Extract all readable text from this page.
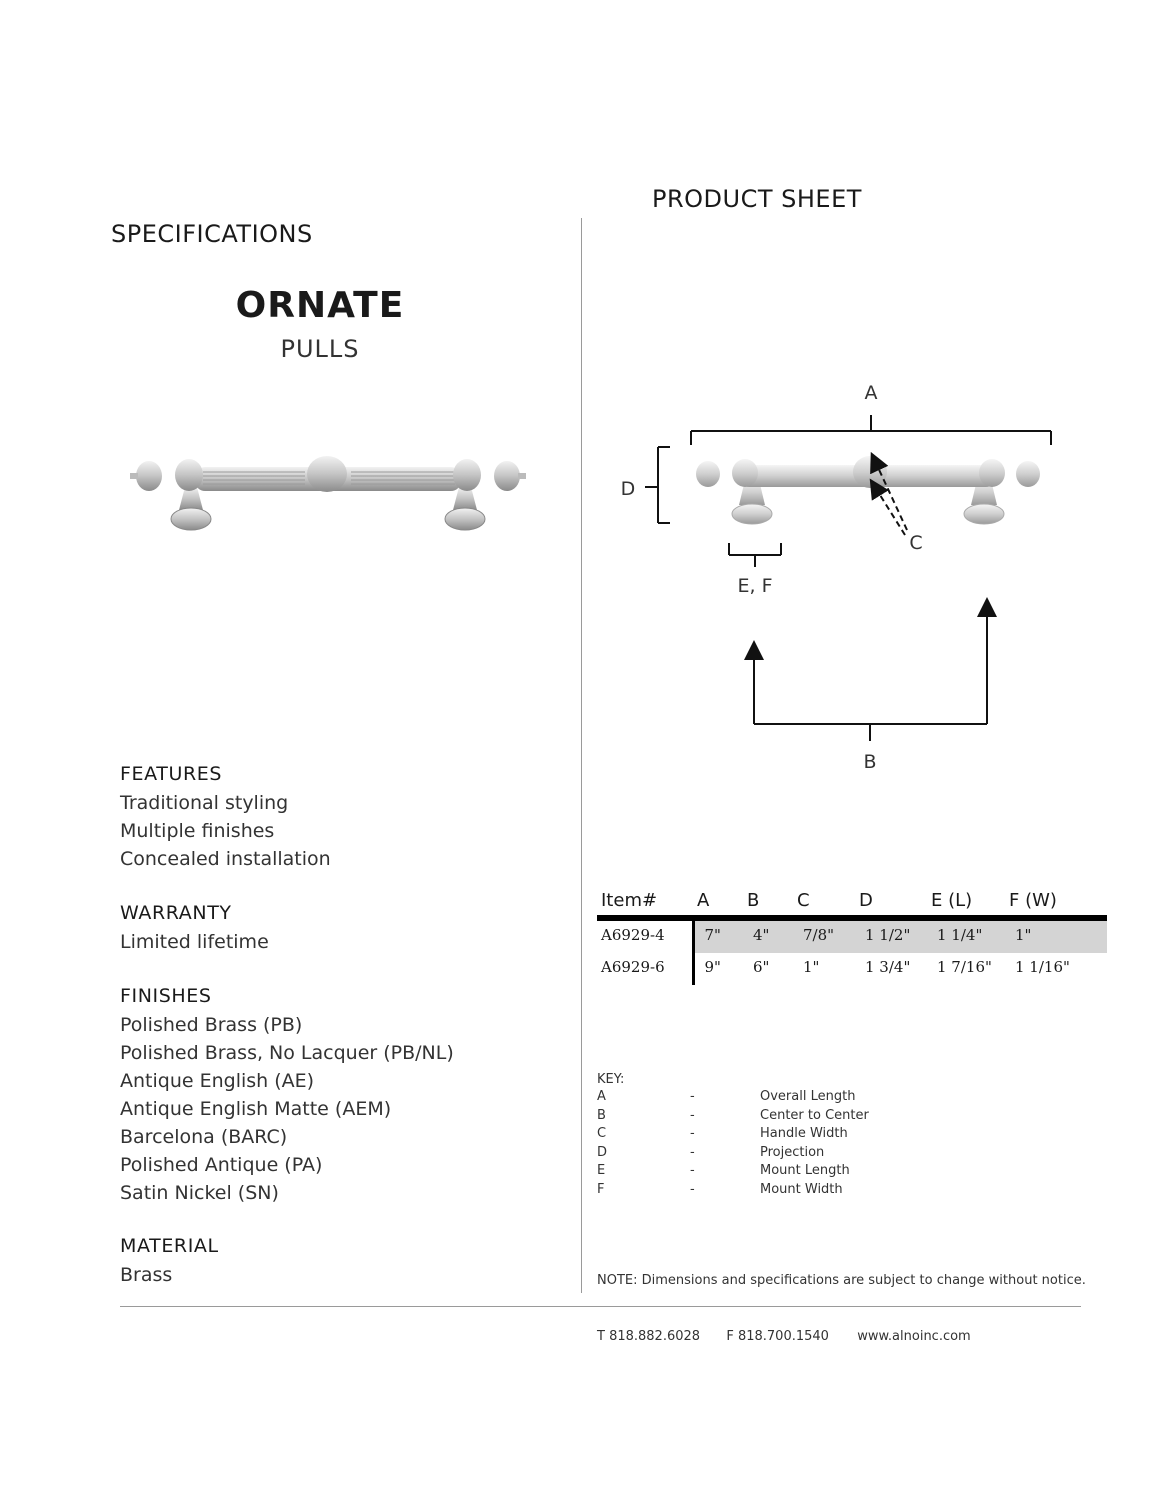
SPECIFICATIONS
PRODUCT SHEET
ORNATE
PULLS
FEATURES
Traditional styling
Multiple finishes
Concealed installation
WARRANTY
Limited lifetime
FINISHES
Polished Brass (PB)
Polished Brass, No Lacquer (PB/NL)
Antique English (AE)
Antique English Matte (AEM)
Barcelona (BARC)
Polished Antique (PA)
Satin Nickel (SN)
MATERIAL
Brass
A
D
C
E, F
B
Item#	A	B	C	D	E (L)	F (W)
A6929-4	7"	4"	7/8"	1 1/2"	1 1/4"	1"
A6929-6	9"	6"	1"	1 3/4"	1 7/16"	1 1/16"
KEY:
A	-	Overall Length
B	-	Center to Center
C	-	Handle Width
D	-	Projection
E	-	Mount Length
F	-	Mount Width
NOTE: Dimensions and specifications are subject to change without notice.
T 818.882.6028 F 818.700.1540 www.alnoinc.com
